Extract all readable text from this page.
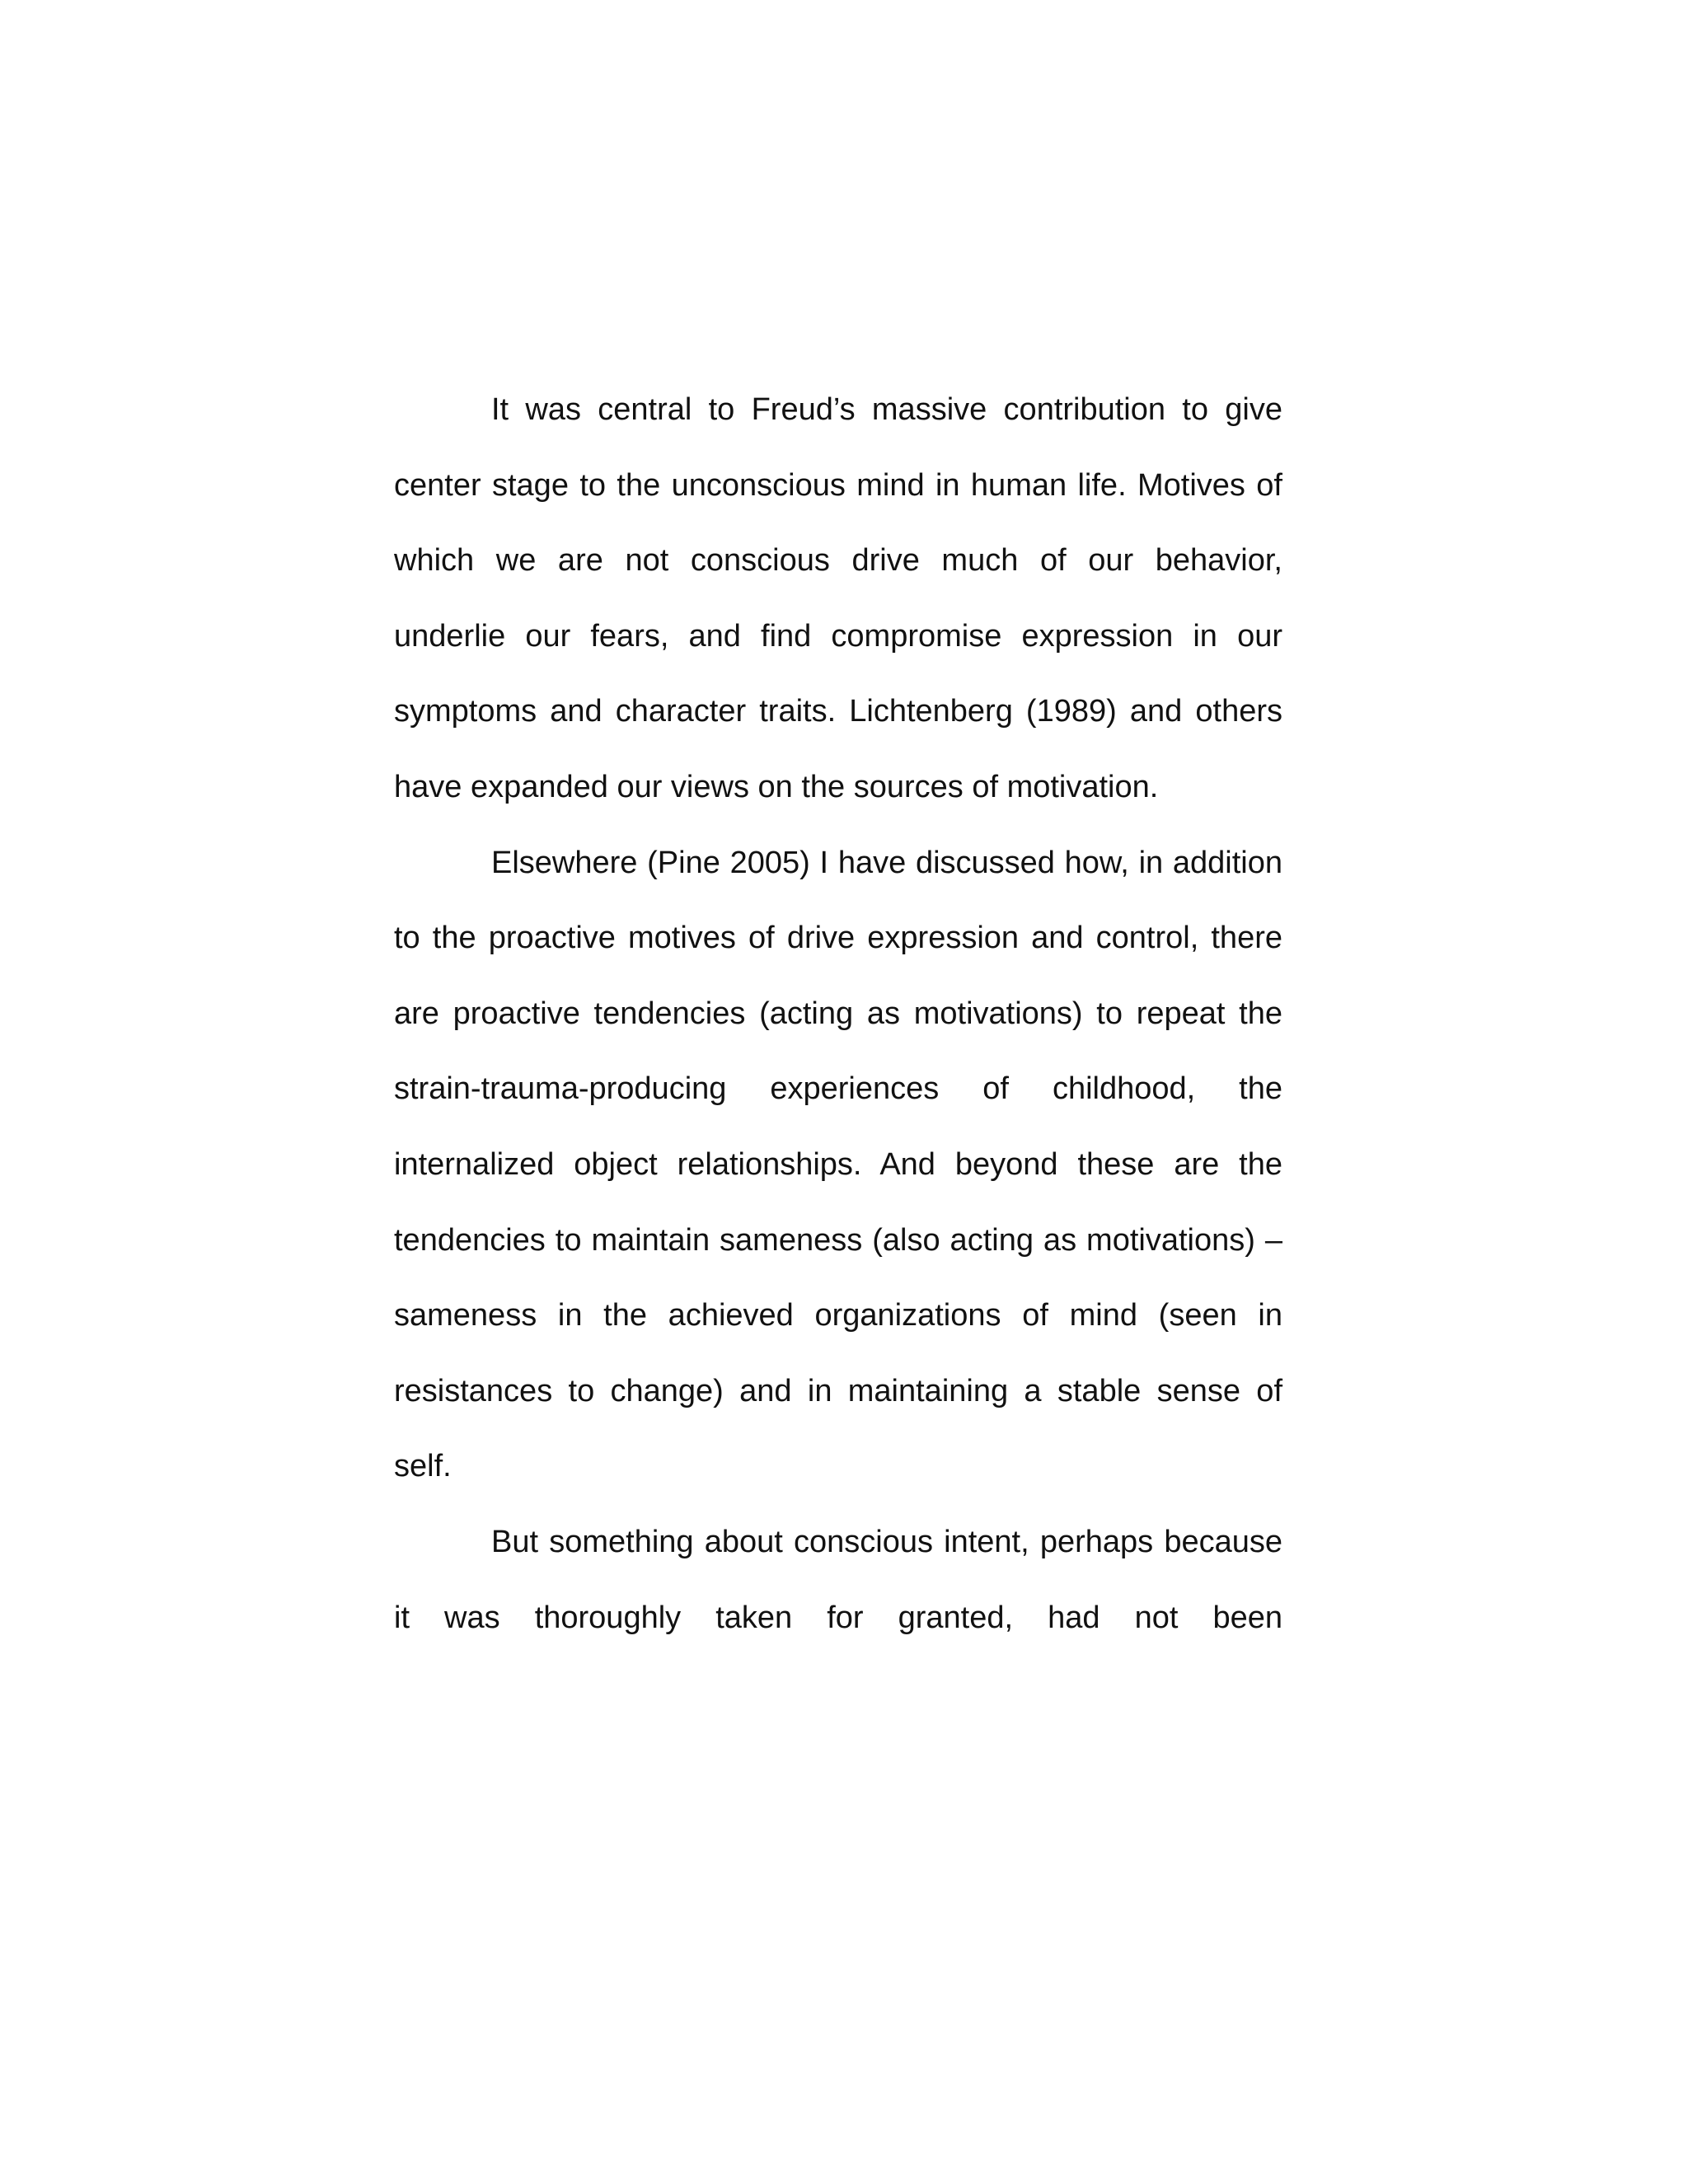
It was central to Freud’s massive contribution to give center stage to the unconscious mind in human life. Motives of which we are not conscious drive much of our behavior, underlie our fears, and find compromise expression in our symptoms and character traits. Lichtenberg (1989) and others have expanded our views on the sources of motivation.

Elsewhere (Pine 2005) I have discussed how, in addition to the proactive motives of drive expression and control, there are proactive tendencies (acting as motivations) to repeat the strain-trauma-producing experiences of childhood, the internalized object relationships. And beyond these are the tendencies to maintain sameness (also acting as motivations) – sameness in the achieved organizations of mind (seen in resistances to change) and in maintaining a stable sense of self.

But something about conscious intent, perhaps because it was thoroughly taken for granted, had not been
